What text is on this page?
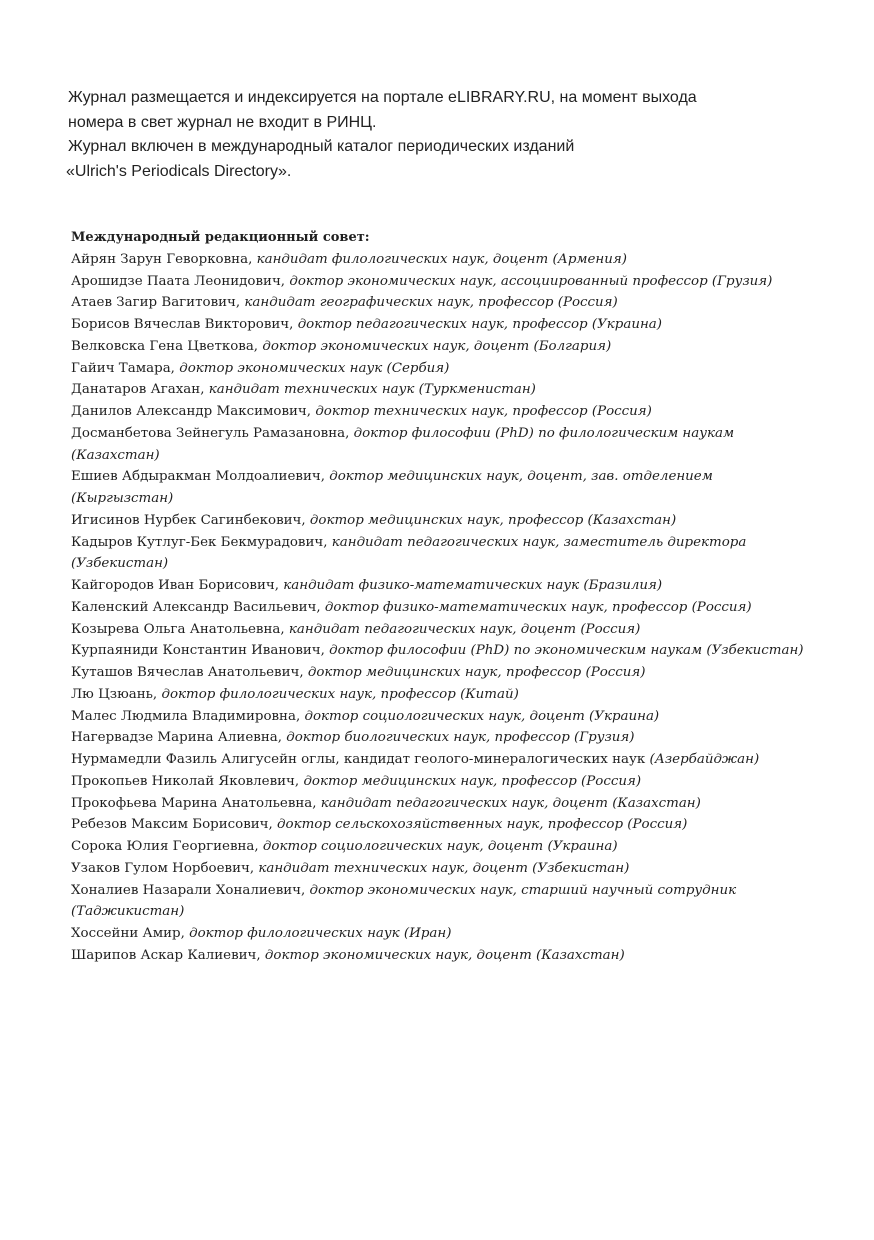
Журнал размещается и индексируется на портале eLIBRARY.RU, на момент выхода

номера в свет журнал не входит в РИНЦ.

Журнал включен в международный каталог периодических изданий

«Ulrich's Periodicals Directory».

Международный редакционный совет:

Айрян Зарун Геворковна, кандидат филологических наук, доцент (Армения)

Арошидзе Паата Леонидович, доктор экономических наук, ассоциированный профессор (Грузия)

Атаев Загир Вагитович, кандидат географических наук, профессор (Россия)

Борисов Вячеслав Викторович, доктор педагогических наук, профессор (Украина)

Велковска Гена Цветкова, доктор экономических наук, доцент (Болгария)

Гайич Тамара, доктор экономических наук (Сербия)

Данатаров Агахан, кандидат технических наук (Туркменистан)

Данилов Александр Максимович, доктор технических наук, профессор (Россия)

Досманбетова Зейнегуль Рамазановна, доктор философии (PhD) по филологическим наукам (Казахстан)

Ешиев Абдыракман Молдоалиевич, доктор медицинских наук, доцент, зав. отделением (Кыргызстан)

Игисинов Нурбек Сагинбекович, доктор медицинских наук, профессор (Казахстан)

Кадыров Кутлуг-Бек Бекмурадович, кандидат педагогических наук, заместитель директора (Узбекистан)

Кайгородов Иван Борисович, кандидат физико-математических наук (Бразилия)

Каленский Александр Васильевич, доктор физико-математических наук, профессор (Россия)

Козырева Ольга Анатольевна, кандидат педагогических наук, доцент (Россия)

Курпаяниди Константин Иванович, доктор философии (PhD) по экономическим наукам (Узбекистан)

Куташов Вячеслав Анатольевич, доктор медицинских наук, профессор (Россия)

Лю Цзюань, доктор филологических наук, профессор (Китай)

Малес Людмила Владимировна, доктор социологических наук, доцент (Украина)

Нагервадзе Марина Алиевна, доктор биологических наук, профессор (Грузия)

Нурмамедли Фазиль Алигусейн оглы, кандидат геолого-минералогических наук (Азербайджан)

Прокопьев Николай Яковлевич, доктор медицинских наук, профессор (Россия)

Прокофьева Марина Анатольевна, кандидат педагогических наук, доцент (Казахстан)

Ребезов Максим Борисович, доктор сельскохозяйственных наук, профессор (Россия)

Сорока Юлия Георгиевна, доктор социологических наук, доцент (Украина)

Узаков Гулом Норбоевич, кандидат технических наук, доцент (Узбекистан)

Хоналиев Назарали Хоналиевич, доктор экономических наук, старший научный сотрудник (Таджикистан)

Хоссейни Амир, доктор филологических наук (Иран)

Шарипов Аскар Калиевич, доктор экономических наук, доцент (Казахстан)
